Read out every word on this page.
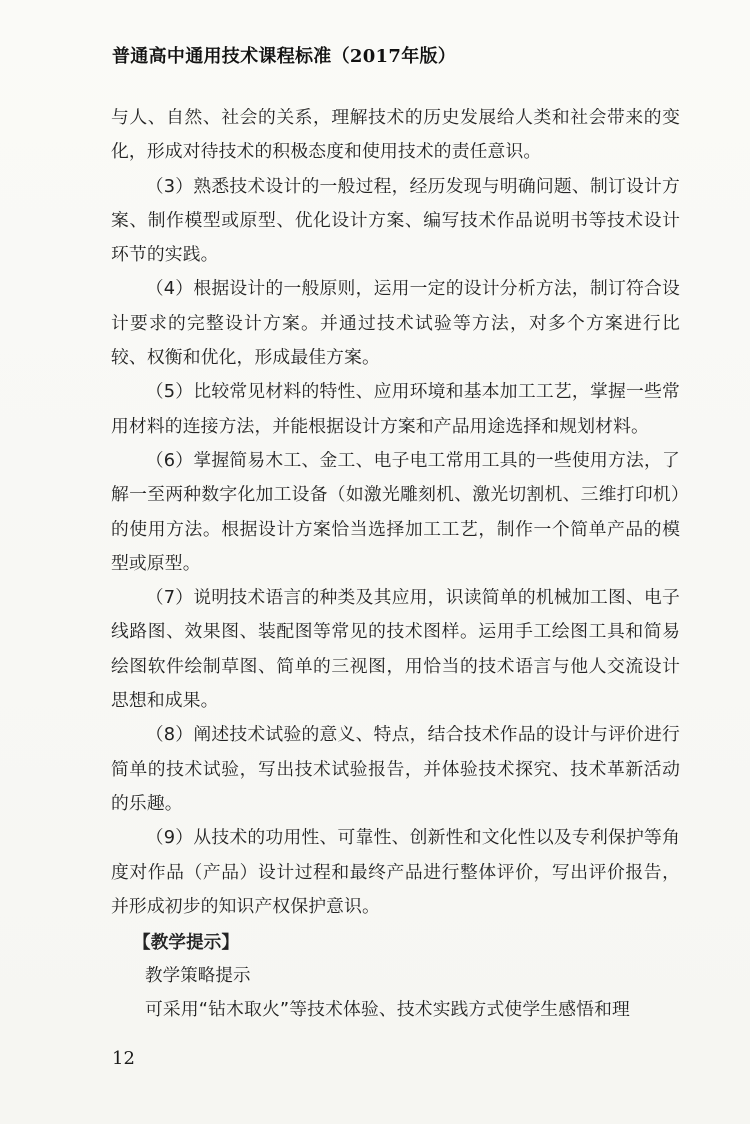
普通高中通用技术课程标准（2017年版）

与人、自然、社会的关系，理解技术的历史发展给人类和社会带来的变化，形成对待技术的积极态度和使用技术的责任意识。

（3）熟悉技术设计的一般过程，经历发现与明确问题、制订设计方案、制作模型或原型、优化设计方案、编写技术作品说明书等技术设计环节的实践。

（4）根据设计的一般原则，运用一定的设计分析方法，制订符合设计要求的完整设计方案。并通过技术试验等方法，对多个方案进行比较、权衡和优化，形成最佳方案。

（5）比较常见材料的特性、应用环境和基本加工工艺，掌握一些常用材料的连接方法，并能根据设计方案和产品用途选择和规划材料。

（6）掌握简易木工、金工、电子电工常用工具的一些使用方法，了解一至两种数字化加工设备（如激光雕刻机、激光切割机、三维打印机）的使用方法。根据设计方案恰当选择加工工艺，制作一个简单产品的模型或原型。

（7）说明技术语言的种类及其应用，识读简单的机械加工图、电子线路图、效果图、装配图等常见的技术图样。运用手工绘图工具和简易绘图软件绘制草图、简单的三视图，用恰当的技术语言与他人交流设计思想和成果。

（8）阐述技术试验的意义、特点，结合技术作品的设计与评价进行简单的技术试验，写出技术试验报告，并体验技术探究、技术革新活动的乐趣。

（9）从技术的功用性、可靠性、创新性和文化性以及专利保护等角度对作品（产品）设计过程和最终产品进行整体评价，写出评价报告，并形成初步的知识产权保护意识。

【教学提示】
教学策略提示
可采用“钻木取火”等技术体验、技术实践方式使学生感悟和理
12
